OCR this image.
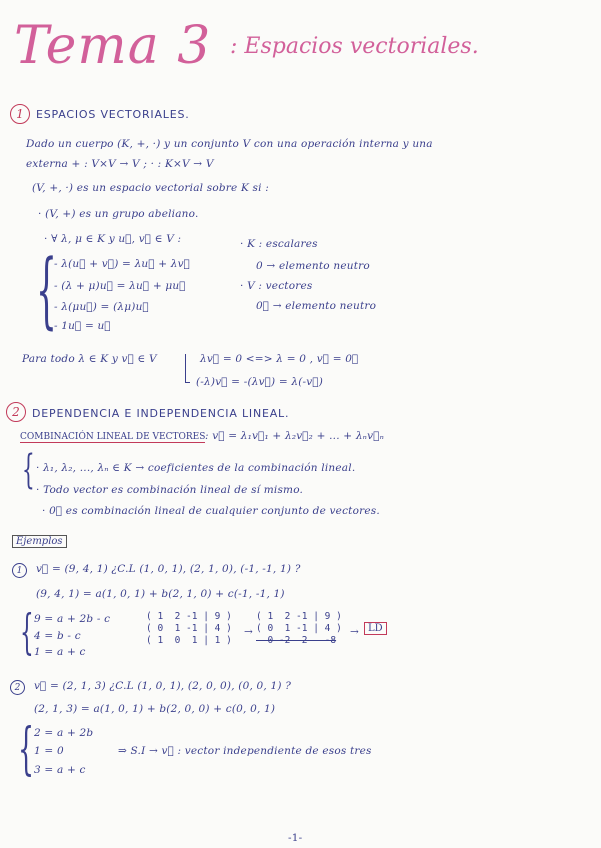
Tema 3 : Espacios vectoriales.
1 ESPACIOS VECTORIALES.
Dado un cuerpo (K, +, ·) y un conjunto V con una operación interna y una
externa + : V×V → V ; · : K×V → V
(V, +, ·) es un espacio vectorial sobre K si :
· (V, +) es un grupo abeliano.
· ∀ λ, μ ∈ K y u⃗, v⃗ ∈ V :
{
- λ(u⃗ + v⃗) = λu⃗ + λv⃗
- (λ + μ)u⃗ = λu⃗ + μu⃗
- λ(μu⃗) = (λμ)u⃗
- 1u⃗ = u⃗
· K : escalares
0 → elemento neutro
· V : vectores
0⃗ → elemento neutro
Para todo λ ∈ K y v⃗ ∈ V	λv⃗ = 0 <=> λ = 0 , v⃗ = 0⃗
(-λ)v⃗ = -(λv⃗) = λ(-v⃗)
2 DEPENDENCIA E INDEPENDENCIA LINEAL.
COMBINACIÓN LINEAL DE VECTORES : v⃗ = λ₁v⃗₁ + λ₂v⃗₂ + ... + λₙv⃗ₙ
{ · λ₁, λ₂, ..., λₙ ∈ K → coeficientes de la combinación lineal.
· Todo vector es combinación lineal de sí mismo.
· 0⃗ es combinación lineal de cualquier conjunto de vectores.
Ejemplos
1 v⃗ = (9, 4, 1) ¿C.L (1, 0, 1), (2, 1, 0), (-1, -1, 1) ?
(9, 4, 1) = a(1, 0, 1) + b(2, 1, 0) + c(-1, -1, 1)
{ 9 = a + 2b - c
4 = b - c
1 = a + c
( 1  2 -1 | 9 )
( 0  1 -1 | 4 )
( 1  0  1 | 1 )
→
( 1  2 -1 | 9 )
( 0  1 -1 | 4 )
0 -2  2   -8
→ LD
2 v⃗ = (2, 1, 3) ¿C.L (1, 0, 1), (2, 0, 0), (0, 0, 1) ?
(2, 1, 3) = a(1, 0, 1) + b(2, 0, 0) + c(0, 0, 1)
{ 2 = a + 2b
1 = 0
3 = a + c
⇒ S.I → v⃗ : vector independiente de esos tres
-1-
